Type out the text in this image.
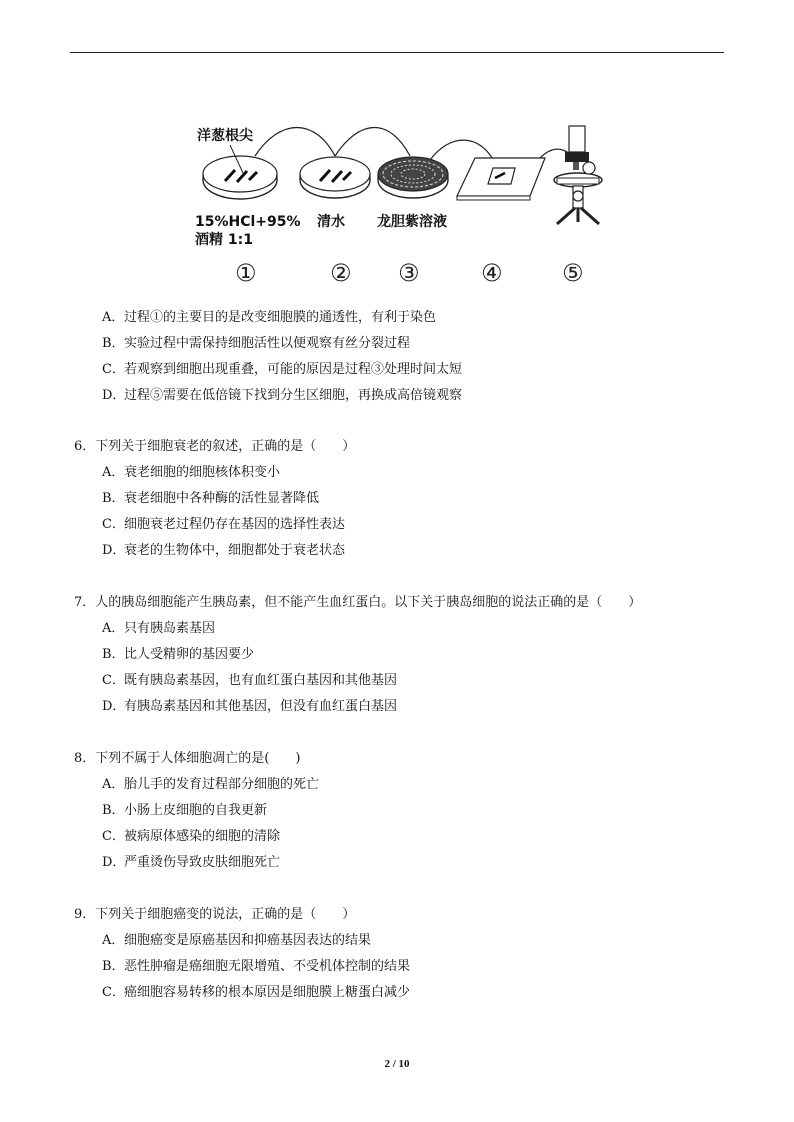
洋葱根尖
15%HCl+95%
酒精 1:1
清水 龙胆紫溶液
①	② ③	④ ⑤
A．过程①的主要目的是改变细胞膜的通透性，有利于染色
B．实验过程中需保持细胞活性以便观察有丝分裂过程
C．若观察到细胞出现重叠，可能的原因是过程③处理时间太短
D．过程⑤需要在低倍镜下找到分生区细胞，再换成高倍镜观察
6．下列关于细胞衰老的叙述，正确的是（　　）
A．衰老细胞的细胞核体积变小
B．衰老细胞中各种酶的活性显著降低
C．细胞衰老过程仍存在基因的选择性表达
D．衰老的生物体中，细胞都处于衰老状态
7．人的胰岛细胞能产生胰岛素，但不能产生血红蛋白。以下关于胰岛细胞的说法正确的是（　　）
A．只有胰岛素基因
B．比人受精卵的基因要少
C．既有胰岛素基因，也有血红蛋白基因和其他基因
D．有胰岛素基因和其他基因，但没有血红蛋白基因
8．下列不属于人体细胞凋亡的是(　　)
A．胎儿手的发育过程部分细胞的死亡
B．小肠上皮细胞的自我更新
C．被病原体感染的细胞的清除
D．严重烫伤导致皮肤细胞死亡
9．下列关于细胞癌变的说法，正确的是（　　）
A．细胞癌变是原癌基因和抑癌基因表达的结果
B．恶性肿瘤是癌细胞无限增殖、不受机体控制的结果
C．癌细胞容易转移的根本原因是细胞膜上糖蛋白减少
2 / 10
